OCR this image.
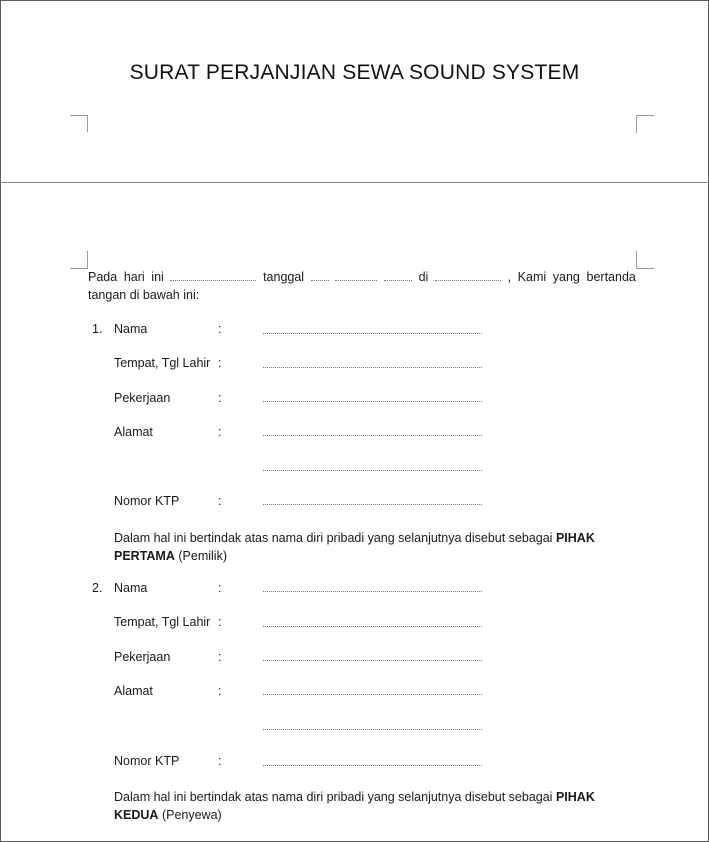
SURAT PERJANJIAN SEWA SOUND SYSTEM
Pada hari ini	tanggal	di	, Kami yang bertanda
tangan di bawah ini:
1. Nama	:
Tempat, Tgl Lahir :
Pekerjaan	:
Alamat	:
Nomor KTP	:
Dalam hal ini bertindak atas nama diri pribadi yang selanjutnya disebut sebagai PIHAK PERTAMA (Pemilik)
2. Nama	:
Tempat, Tgl Lahir :
Pekerjaan	:
Alamat	:
Nomor KTP	:
Dalam hal ini bertindak atas nama diri pribadi yang selanjutnya disebut sebagai PIHAK KEDUA (Penyewa)
